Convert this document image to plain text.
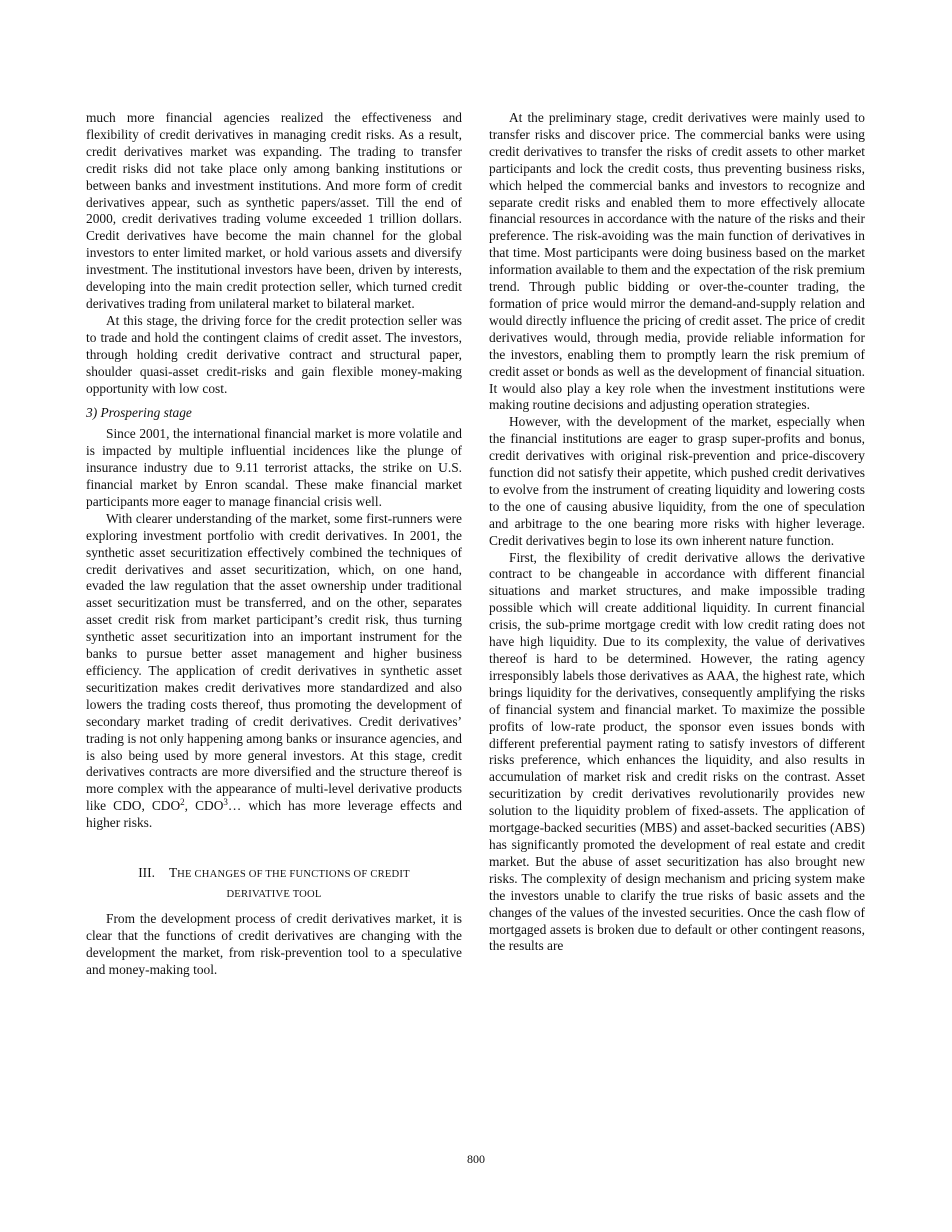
much more financial agencies realized the effectiveness and flexibility of credit derivatives in managing credit risks. As a result, credit derivatives market was expanding. The trading to transfer credit risks did not take place only among banking institutions or between banks and investment institutions. And more form of credit derivatives appear, such as synthetic papers/asset. Till the end of 2000, credit derivatives trading volume exceeded 1 trillion dollars. Credit derivatives have become the main channel for the global investors to enter limited market, or hold various assets and diversify investment. The institutional investors have been, driven by interests, developing into the main credit protection seller, which turned credit derivatives trading from unilateral market to bilateral market.

At this stage, the driving force for the credit protection seller was to trade and hold the contingent claims of credit asset. The investors, through holding credit derivative contract and structural paper, shoulder quasi-asset credit-risks and gain flexible money-making opportunity with low cost.

3) Prospering stage

Since 2001, the international financial market is more volatile and is impacted by multiple influential incidences like the plunge of insurance industry due to 9.11 terrorist attacks, the strike on U.S. financial market by Enron scandal. These make financial market participants more eager to manage financial crisis well.

With clearer understanding of the market, some first-runners were exploring investment portfolio with credit derivatives. In 2001, the synthetic asset securitization effectively combined the techniques of credit derivatives and asset securitization, which, on one hand, evaded the law regulation that the asset ownership under traditional asset securitization must be transferred, and on the other, separates asset credit risk from market participant’s credit risk, thus turning synthetic asset securitization into an important instrument for the banks to pursue better asset management and higher business efficiency. The application of credit derivatives in synthetic asset securitization makes credit derivatives more standardized and also lowers the trading costs thereof, thus promoting the development of secondary market trading of credit derivatives. Credit derivatives’ trading is not only happening among banks or insurance agencies, and is also being used by more general investors. At this stage, credit derivatives contracts are more diversified and the structure thereof is more complex with the appearance of multi-level derivative products like CDO, CDO$^2$, CDO$^3$… which has more leverage effects and higher risks.

III. THE CHANGES OF THE FUNCTIONS OF CREDIT
DERIVATIVE TOOL

From the development process of credit derivatives market, it is clear that the functions of credit derivatives are changing with the development the market, from risk-prevention tool to a speculative and money-making tool.

At the preliminary stage, credit derivatives were mainly used to transfer risks and discover price. The commercial banks were using credit derivatives to transfer the risks of credit assets to other market participants and lock the credit costs, thus preventing business risks, which helped the commercial banks and investors to recognize and separate credit risks and enabled them to more effectively allocate financial resources in accordance with the nature of the risks and their preference. The risk-avoiding was the main function of derivatives in that time. Most participants were doing business based on the market information available to them and the expectation of the risk premium trend. Through public bidding or over-the-counter trading, the formation of price would mirror the demand-and-supply relation and would directly influence the pricing of credit asset. The price of credit derivatives would, through media, provide reliable information for the investors, enabling them to promptly learn the risk premium of credit asset or bonds as well as the development of financial situation. It would also play a key role when the investment institutions were making routine decisions and adjusting operation strategies.

However, with the development of the market, especially when the financial institutions are eager to grasp super-profits and bonus, credit derivatives with original risk-prevention and price-discovery function did not satisfy their appetite, which pushed credit derivatives to evolve from the instrument of creating liquidity and lowering costs to the one of causing abusive liquidity, from the one of speculation and arbitrage to the one bearing more risks with higher leverage. Credit derivatives begin to lose its own inherent nature function.

First, the flexibility of credit derivative allows the derivative contract to be changeable in accordance with different financial situations and market structures, and make impossible trading possible which will create additional liquidity. In current financial crisis, the sub-prime mortgage credit with low credit rating does not have high liquidity. Due to its complexity, the value of derivatives thereof is hard to be determined. However, the rating agency irresponsibly labels those derivatives as AAA, the highest rate, which brings liquidity for the derivatives, consequently amplifying the risks of financial system and financial market. To maximize the possible profits of low-rate product, the sponsor even issues bonds with different preferential payment rating to satisfy investors of different risks preference, which enhances the liquidity, and also results in accumulation of market risk and credit risks on the contrast. Asset securitization by credit derivatives revolutionarily provides new solution to the liquidity problem of fixed-assets. The application of mortgage-backed securities (MBS) and asset-backed securities (ABS) has significantly promoted the development of real estate and credit market. But the abuse of asset securitization has also brought new risks. The complexity of design mechanism and pricing system make the investors unable to clarify the true risks of basic assets and the changes of the values of the invested securities. Once the cash flow of mortgaged assets is broken due to default or other contingent reasons, the results are

800
